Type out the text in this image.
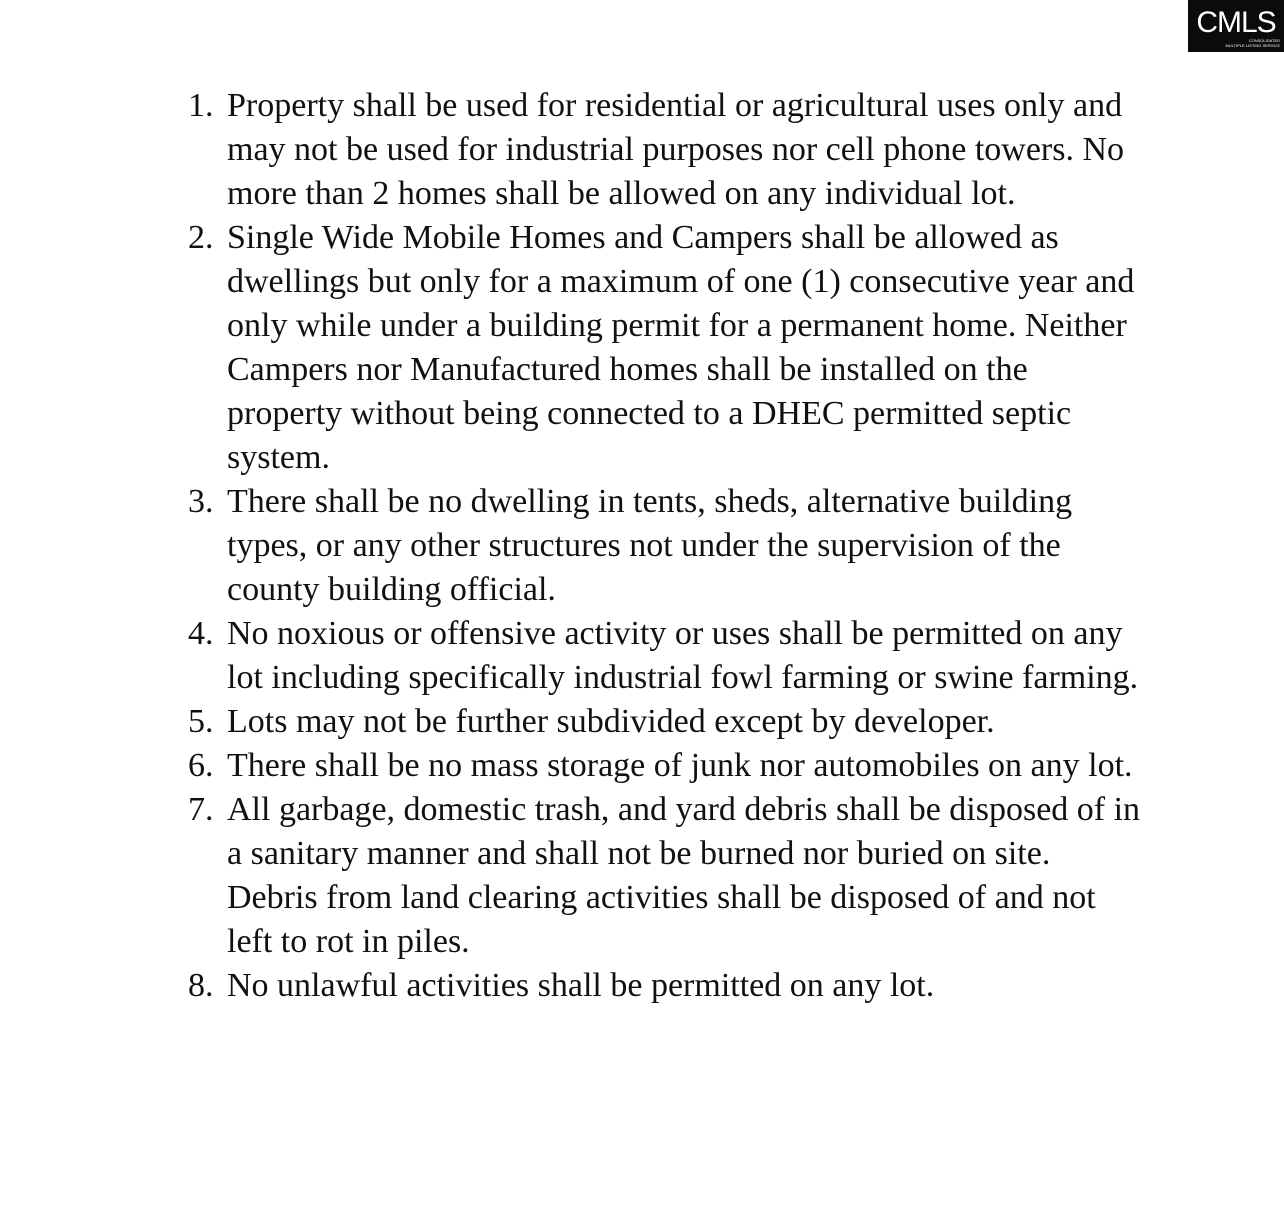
CMLS
CONSOLIDATED
MULTIPLE LISTING SERVICE
1. Property shall be used for residential or agricultural uses only and may not be used for industrial purposes nor cell phone towers. No more than 2 homes shall be allowed on any individual lot.
2. Single Wide Mobile Homes and Campers shall be allowed as dwellings but only for a maximum of one (1) consecutive year and only while under a building permit for a permanent home. Neither Campers nor Manufactured homes shall be installed on the property without being connected to a DHEC permitted septic system.
3. There shall be no dwelling in tents, sheds, alternative building types, or any other structures not under the supervision of the county building official.
4. No noxious or offensive activity or uses shall be permitted on any lot including specifically industrial fowl farming or swine farming.
5. Lots may not be further subdivided except by developer.
6. There shall be no mass storage of junk nor automobiles on any lot.
7. All garbage, domestic trash, and yard debris shall be disposed of in a sanitary manner and shall not be burned nor buried on site. Debris from land clearing activities shall be disposed of and not left to rot in piles.
8. No unlawful activities shall be permitted on any lot.
